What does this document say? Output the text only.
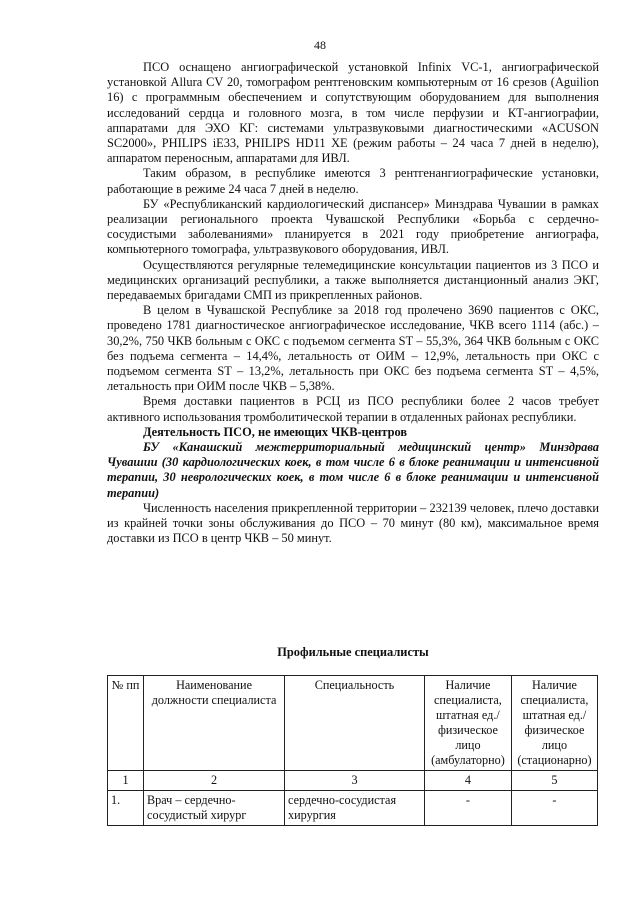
48

ПСО оснащено ангиографической установкой Infinix VC-1, ангиографической установкой Allura CV 20, томографом рентгеновским компьютерным от 16 срезов (Aguilion 16) с программным обеспечением и сопутствующим оборудованием для выполнения исследований сердца и головного мозга, в том числе перфузии и КТ-ангиографии, аппаратами для ЭХО КГ: системами ультразвуковыми диагностическими «ACUSON SC2000», PHILIPS iE33, PHILIPS HD11 XE (режим работы – 24 часа 7 дней в неделю), аппаратом переносным, аппаратами для ИВЛ.

Таким образом, в республике имеются 3 рентгенангиографические установки, работающие в режиме 24 часа 7 дней в неделю.

БУ «Республиканский кардиологический диспансер» Минздрава Чувашии в рамках реализации регионального проекта Чувашской Республики «Борьба с сердечно-сосудистыми заболеваниями» планируется в 2021 году приобретение ангиографа, компьютерного томографа, ультразвукового оборудования, ИВЛ.

Осуществляются регулярные телемедицинские консультации пациентов из 3 ПСО и медицинских организаций республики, а также выполняется дистанционный анализ ЭКГ, передаваемых бригадами СМП из прикрепленных районов.

В целом в Чувашской Республике за 2018 год пролечено 3690 пациентов с ОКС, проведено 1781 диагностическое ангиографическое исследование, ЧКВ всего 1114 (абс.) – 30,2%, 750 ЧКВ больным с ОКС с подъемом сегмента ST – 55,3%, 364 ЧКВ больным с ОКС без подъема сегмента – 14,4%, летальность от ОИМ – 12,9%, летальность при ОКС с подъемом сегмента ST – 13,2%, летальность при ОКС без подъема сегмента ST – 4,5%, летальность при ОИМ после ЧКВ – 5,38%.

Время доставки пациентов в РСЦ из ПСО республики более 2 часов требует активного использования тромболитической терапии в отдаленных районах республики.

Деятельность ПСО, не имеющих ЧКВ-центров

БУ «Канашский межтерриториальный медицинский центр» Минздрава Чувашии (30 кардиологических коек, в том числе 6 в блоке реанимации и интенсивной терапии, 30 неврологических коек, в том числе 6 в блоке реанимации и интенсивной терапии)

Численность населения прикрепленной территории – 232139 человек, плечо доставки из крайней точки зоны обслуживания до ПСО – 70 минут (80 км), максимальное время доставки из ПСО в центр ЧКВ – 50 минут.

Профильные специалисты
№ пп	Наименование должности специалиста	Специальность	Наличие специалиста, штатная ед./физическое лицо (амбулаторно)	Наличие специалиста, штатная ед./физическое лицо (стационарно)
1	2	3	4	5
1.	Врач – сердечно-сосудистый хирург	сердечно-сосудистая хирургия	-	-
